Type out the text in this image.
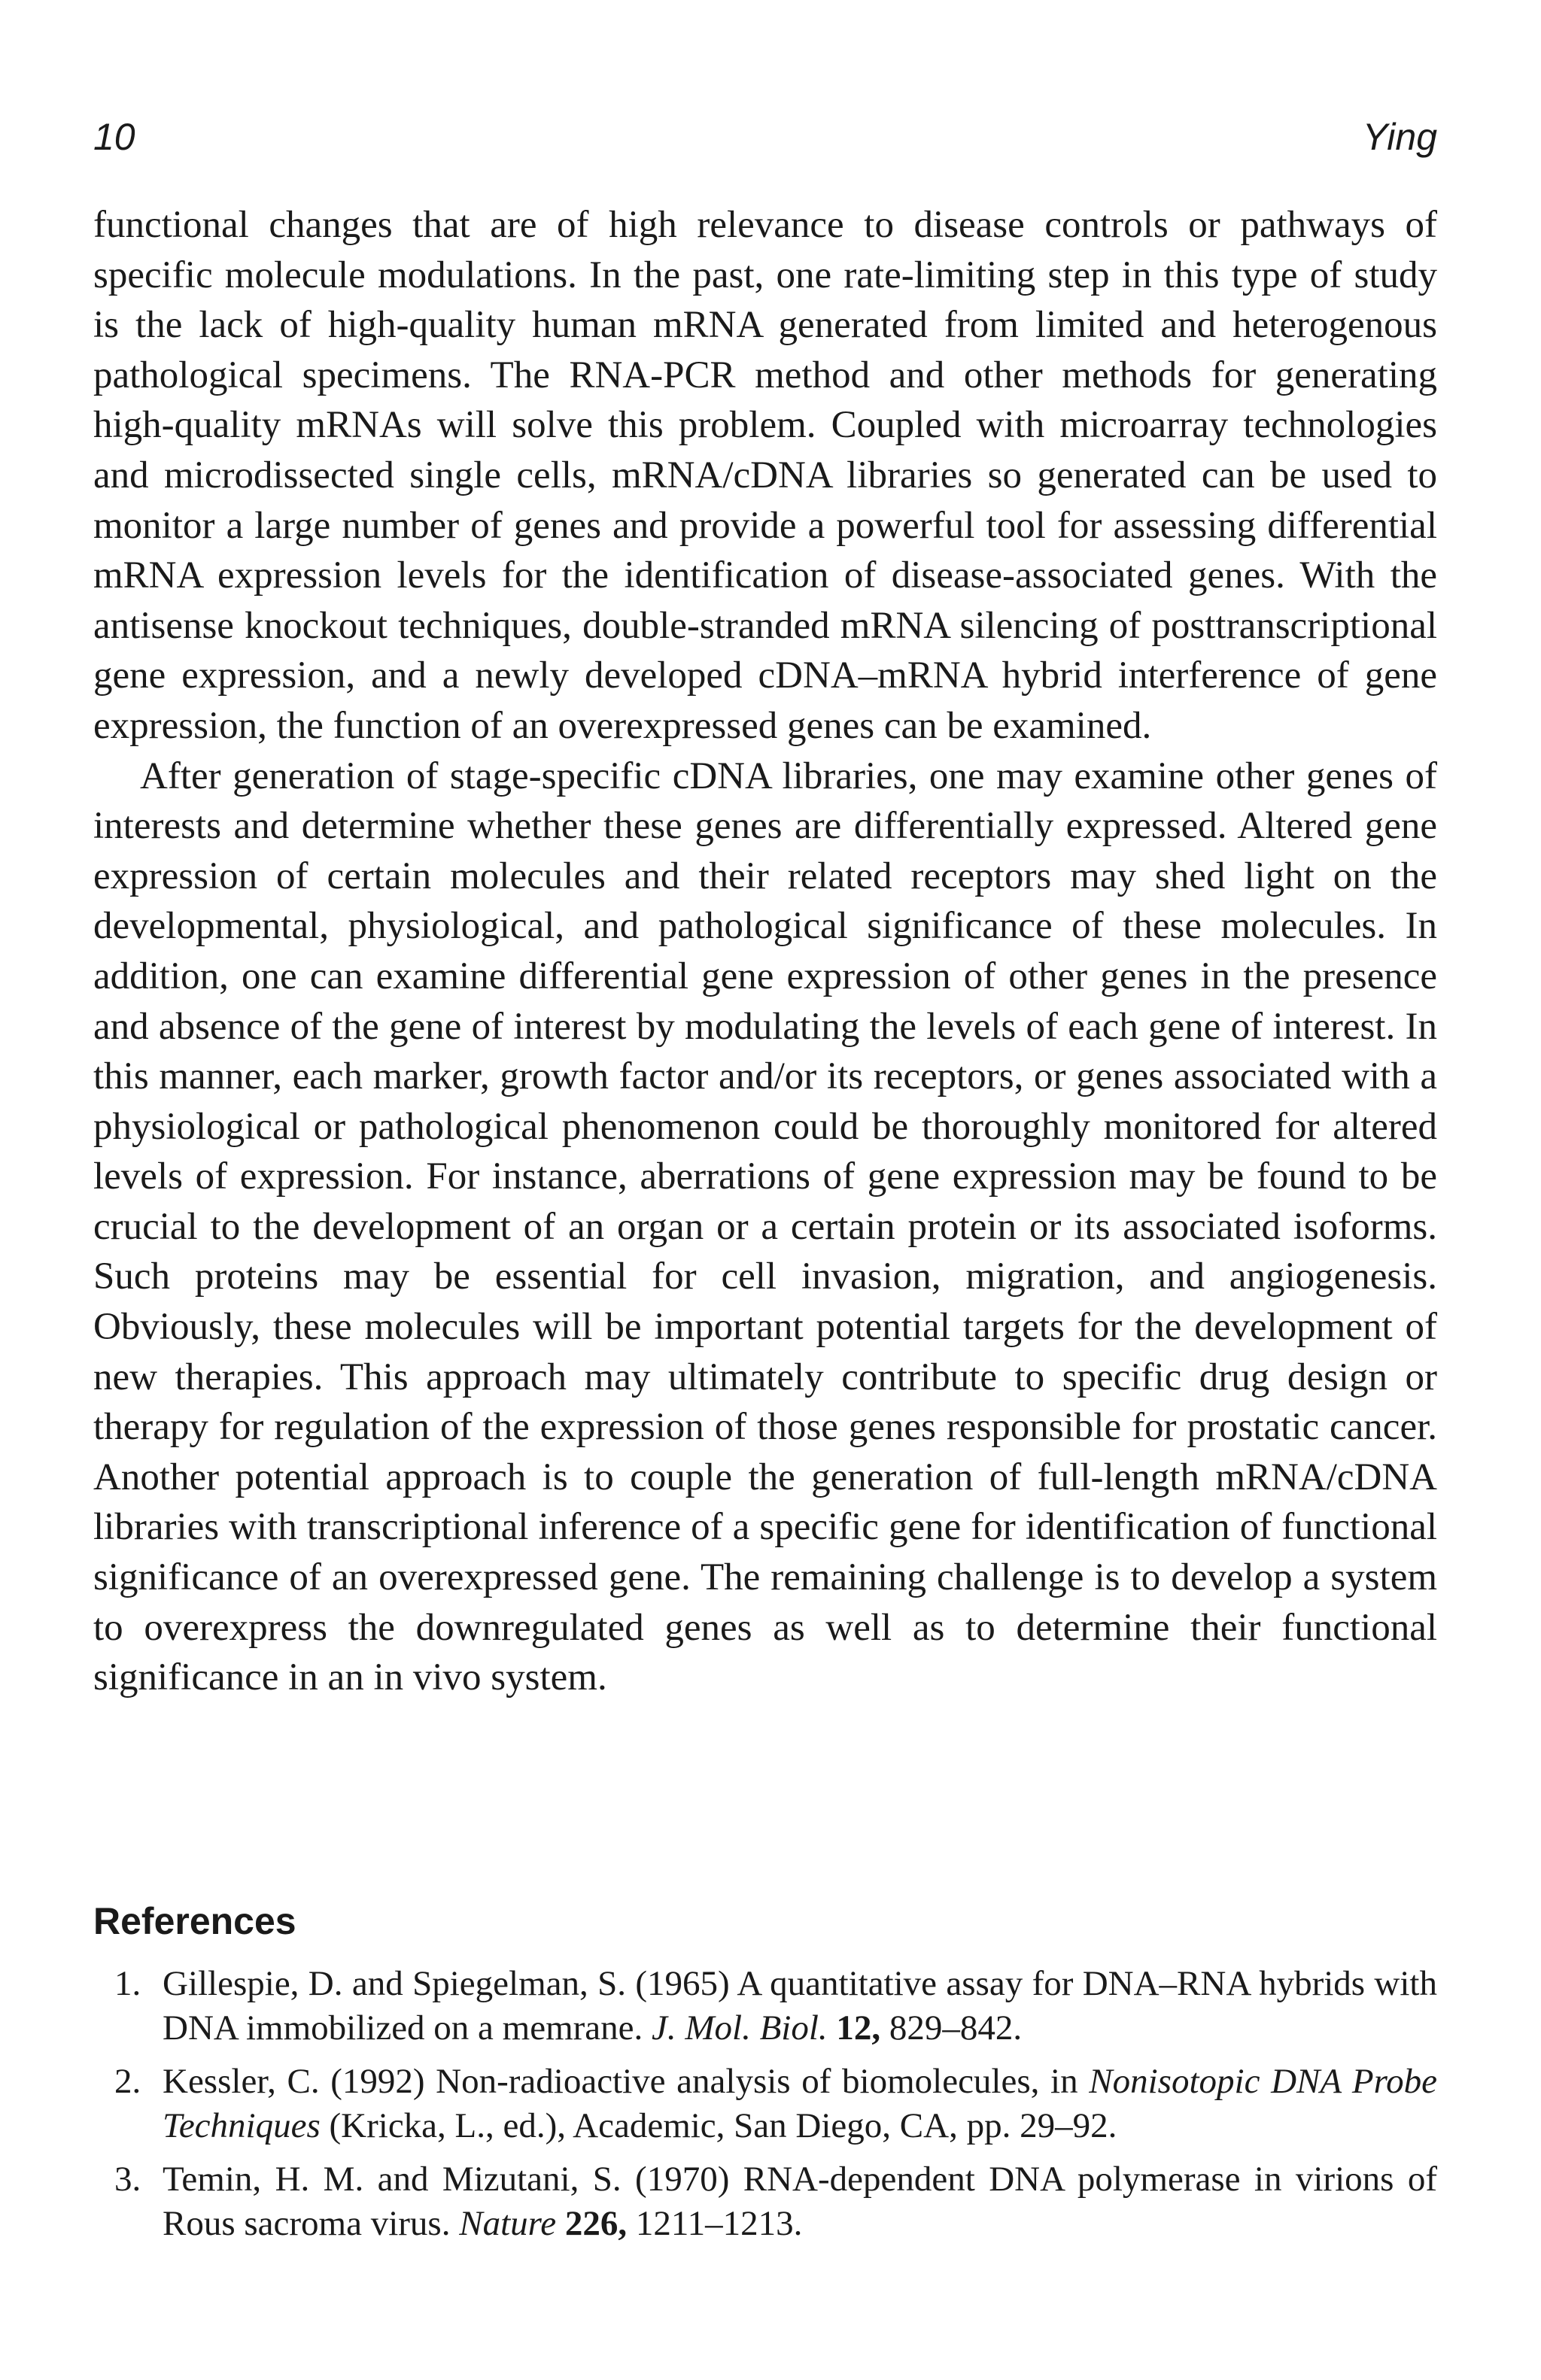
10	Ying

functional changes that are of high relevance to disease controls or pathways of specific molecule modulations. In the past, one rate-limiting step in this type of study is the lack of high-quality human mRNA generated from limited and heterogenous pathological specimens. The RNA-PCR method and other methods for generating high-quality mRNAs will solve this problem. Coupled with microarray technologies and microdissected single cells, mRNA/cDNA libraries so generated can be used to monitor a large number of genes and provide a powerful tool for assessing differential mRNA expression levels for the identification of disease-associated genes. With the antisense knockout techniques, double-stranded mRNA silencing of posttranscriptional gene expression, and a newly developed cDNA–mRNA hybrid interference of gene expression, the function of an overexpressed genes can be examined.

After generation of stage-specific cDNA libraries, one may examine other genes of interests and determine whether these genes are differentially expressed. Altered gene expression of certain molecules and their related receptors may shed light on the developmental, physiological, and pathological significance of these molecules. In addition, one can examine differential gene expression of other genes in the presence and absence of the gene of interest by modulating the levels of each gene of interest. In this manner, each marker, growth factor and/or its receptors, or genes associated with a physiological or pathological phenomenon could be thoroughly monitored for altered levels of expression. For instance, aberrations of gene expression may be found to be crucial to the development of an organ or a certain protein or its associated isoforms. Such proteins may be essential for cell invasion, migration, and angiogenesis. Obviously, these molecules will be important potential targets for the development of new therapies. This approach may ultimately contribute to specific drug design or therapy for regulation of the expression of those genes responsible for prostatic cancer. Another potential approach is to couple the generation of full-length mRNA/cDNA libraries with transcriptional inference of a specific gene for identification of functional significance of an overexpressed gene. The remaining challenge is to develop a system to overexpress the downregulated genes as well as to determine their functional significance in an in vivo system.

References
1. Gillespie, D. and Spiegelman, S. (1965) A quantitative assay for DNA–RNA hybrids with DNA immobilized on a memrane. J. Mol. Biol. 12, 829–842.
2. Kessler, C. (1992) Non-radioactive analysis of biomolecules, in Nonisotopic DNA Probe Techniques (Kricka, L., ed.), Academic, San Diego, CA, pp. 29–92.
3. Temin, H. M. and Mizutani, S. (1970) RNA-dependent DNA polymerase in virions of Rous sacroma virus. Nature 226, 1211–1213.
